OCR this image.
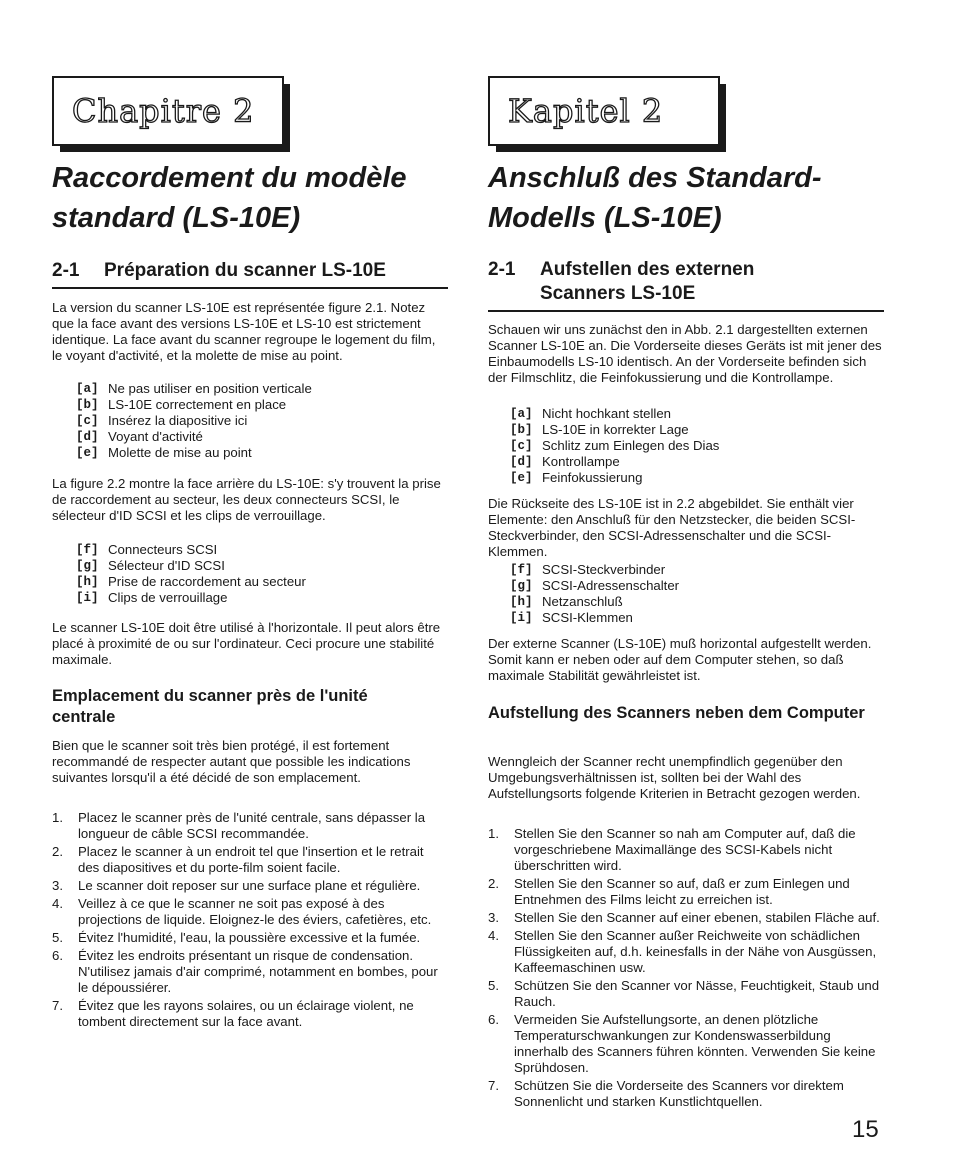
Chapitre 2
Raccordement du modèle standard (LS-10E)
2-1	Préparation du scanner LS-10E

La version du scanner LS-10E est représentée figure 2.1. Notez que la face avant des versions LS-10E et LS-10 est strictement identique. La face avant du scanner regroupe le logement du film, le voyant d'activité, et la molette de mise au point.

[a] Ne pas utiliser en position verticale
[b] LS-10E correctement en place
[c] Insérez la diapositive ici
[d] Voyant d'activité
[e] Molette de mise au point

La figure 2.2 montre la face arrière du LS-10E: s'y trouvent la prise de raccordement au secteur, les deux connecteurs SCSI, le sélecteur d'ID SCSI et les clips de verrouillage.

[f] Connecteurs SCSI
[g] Sélecteur d'ID SCSI
[h] Prise de raccordement au secteur
[i] Clips de verrouillage

Le scanner LS-10E doit être utilisé à l'horizontale. Il peut alors être placé à proximité de ou sur l'ordinateur. Ceci procure une stabilité maximale.

Emplacement du scanner près de l'unité centrale

Bien que le scanner soit très bien protégé, il est fortement recommandé de respecter autant que possible les indications suivantes lorsqu'il a été décidé de son emplacement.

1.	Placez le scanner près de l'unité centrale, sans dépasser la longueur de câble SCSI recommandée.
2.	Placez le scanner à un endroit tel que l'insertion et le retrait des diapositives et du porte-film soient facile.
3.	Le scanner doit reposer sur une surface plane et régulière.
4.	Veillez à ce que le scanner ne soit pas exposé à des projections de liquide. Eloignez-le des éviers, cafetières, etc.
5.	Évitez l'humidité, l'eau, la poussière excessive et la fumée.
6.	Évitez les endroits présentant un risque de condensation. N'utilisez jamais d'air comprimé, notamment en bombes, pour le dépoussiérer.
7.	Évitez que les rayons solaires, ou un éclairage violent, ne tombent directement sur la face avant.
Kapitel 2
Anschluß des Standard-Modells (LS-10E)
2-1	Aufstellen des externen Scanners LS-10E

Schauen wir uns zunächst den in Abb. 2.1 dargestellten externen Scanner LS-10E an. Die Vorderseite dieses Geräts ist mit jener des Einbaumodells LS-10 identisch. An der Vorderseite befinden sich der Filmschlitz, die Feinfokussierung und die Kontrollampe.

[a] Nicht hochkant stellen
[b] LS-10E in korrekter Lage
[c] Schlitz zum Einlegen des Dias
[d] Kontrollampe
[e] Feinfokussierung

Die Rückseite des LS-10E ist in 2.2 abgebildet. Sie enthält vier Elemente: den Anschluß für den Netzstecker, die beiden SCSI-Steckverbinder, den SCSI-Adressenschalter und die SCSI-Klemmen.

[f] SCSI-Steckverbinder
[g] SCSI-Adressenschalter
[h] Netzanschluß
[i] SCSI-Klemmen

Der externe Scanner (LS-10E) muß horizontal aufgestellt werden. Somit kann er neben oder auf dem Computer stehen, so daß maximale Stabilität gewährleistet ist.

Aufstellung des Scanners neben dem Computer

Wenngleich der Scanner recht unempfindlich gegenüber den Umgebungsverhältnissen ist, sollten bei der Wahl des Aufstellungsorts folgende Kriterien in Betracht gezogen werden.

1.	Stellen Sie den Scanner so nah am Computer auf, daß die vorgeschriebene Maximallänge des SCSI-Kabels nicht überschritten wird.
2.	Stellen Sie den Scanner so auf, daß er zum Einlegen und Entnehmen des Films leicht zu erreichen ist.
3.	Stellen Sie den Scanner auf einer ebenen, stabilen Fläche auf.
4.	Stellen Sie den Scanner außer Reichweite von schädlichen Flüssigkeiten auf, d.h. keinesfalls in der Nähe von Ausgüssen, Kaffeemaschinen usw.
5.	Schützen Sie den Scanner vor Nässe, Feuchtigkeit, Staub und Rauch.
6.	Vermeiden Sie Aufstellungsorte, an denen plötzliche Temperaturschwankungen zur Kondenswasserbildung innerhalb des Scanners führen könnten. Verwenden Sie keine Sprühdosen.
7.	Schützen Sie die Vorderseite des Scanners vor direktem Sonnenlicht und starken Kunstlichtquellen.
15
